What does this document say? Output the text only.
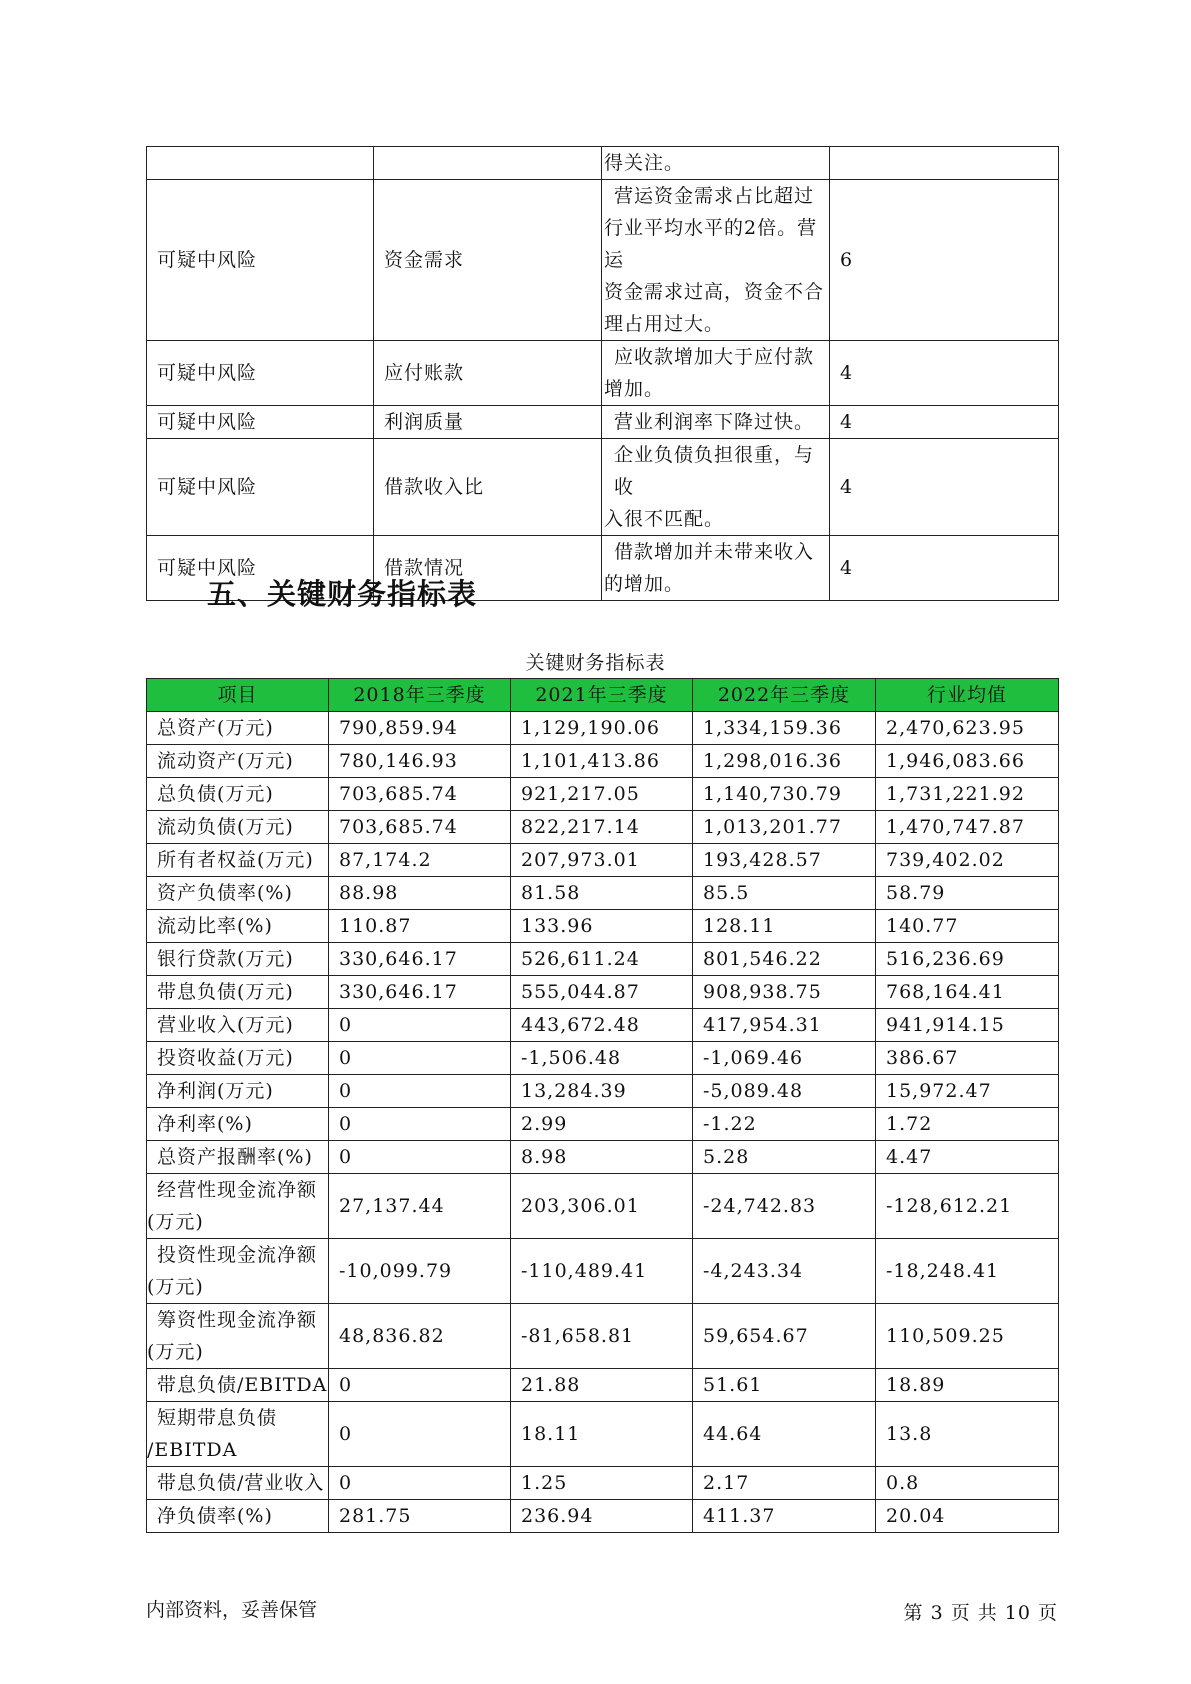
		得关注。	

可疑中风险	资金需求	营运资金需求占比超过
行业平均水平的2倍。营运
资金需求过高，资金不合
理占用过大。	6
可疑中风险	应付账款	应收款增加大于应付款
增加。	4
可疑中风险	利润质量	营业利润率下降过快。	4
可疑中风险	借款收入比	企业负债负担很重，与收
入很不匹配。	4
可疑中风险	借款情况	借款增加并未带来收入
的增加。	4
五、关键财务指标表
关键财务指标表
项目	2018年三季度	2021年三季度	2022年三季度	行业均值
总资产(万元)	790,859.94	1,129,190.06	1,334,159.36	2,470,623.95
流动资产(万元)	780,146.93	1,101,413.86	1,298,016.36	1,946,083.66
总负债(万元)	703,685.74	921,217.05	1,140,730.79	1,731,221.92
流动负债(万元)	703,685.74	822,217.14	1,013,201.77	1,470,747.87
所有者权益(万元)	87,174.2	207,973.01	193,428.57	739,402.02
资产负债率(%)	88.98	81.58	85.5	58.79
流动比率(%)	110.87	133.96	128.11	140.77
银行贷款(万元)	330,646.17	526,611.24	801,546.22	516,236.69
带息负债(万元)	330,646.17	555,044.87	908,938.75	768,164.41
营业收入(万元)	0	443,672.48	417,954.31	941,914.15
投资收益(万元)	0	-1,506.48	-1,069.46	386.67
净利润(万元)	0	13,284.39	-5,089.48	15,972.47
净利率(%)	0	2.99	-1.22	1.72
总资产报酬率(%)	0	8.98	5.28	4.47

经营性现金流净额
(万元)	27,137.44	203,306.01	-24,742.83	-128,612.21

投资性现金流净额
(万元)	-10,099.79	-110,489.41	-4,243.34	-18,248.41

筹资性现金流净额
(万元)	48,836.82	-81,658.81	59,654.67	110,509.25
带息负债/EBITDA	0	21.88	51.61	18.89

短期带息负债
/EBITDA	0	18.11	44.64	13.8
带息负债/营业收入	0	1.25	2.17	0.8
净负债率(%)	281.75	236.94	411.37	20.04
内部资料，妥善保管	第 3 页 共 10 页
